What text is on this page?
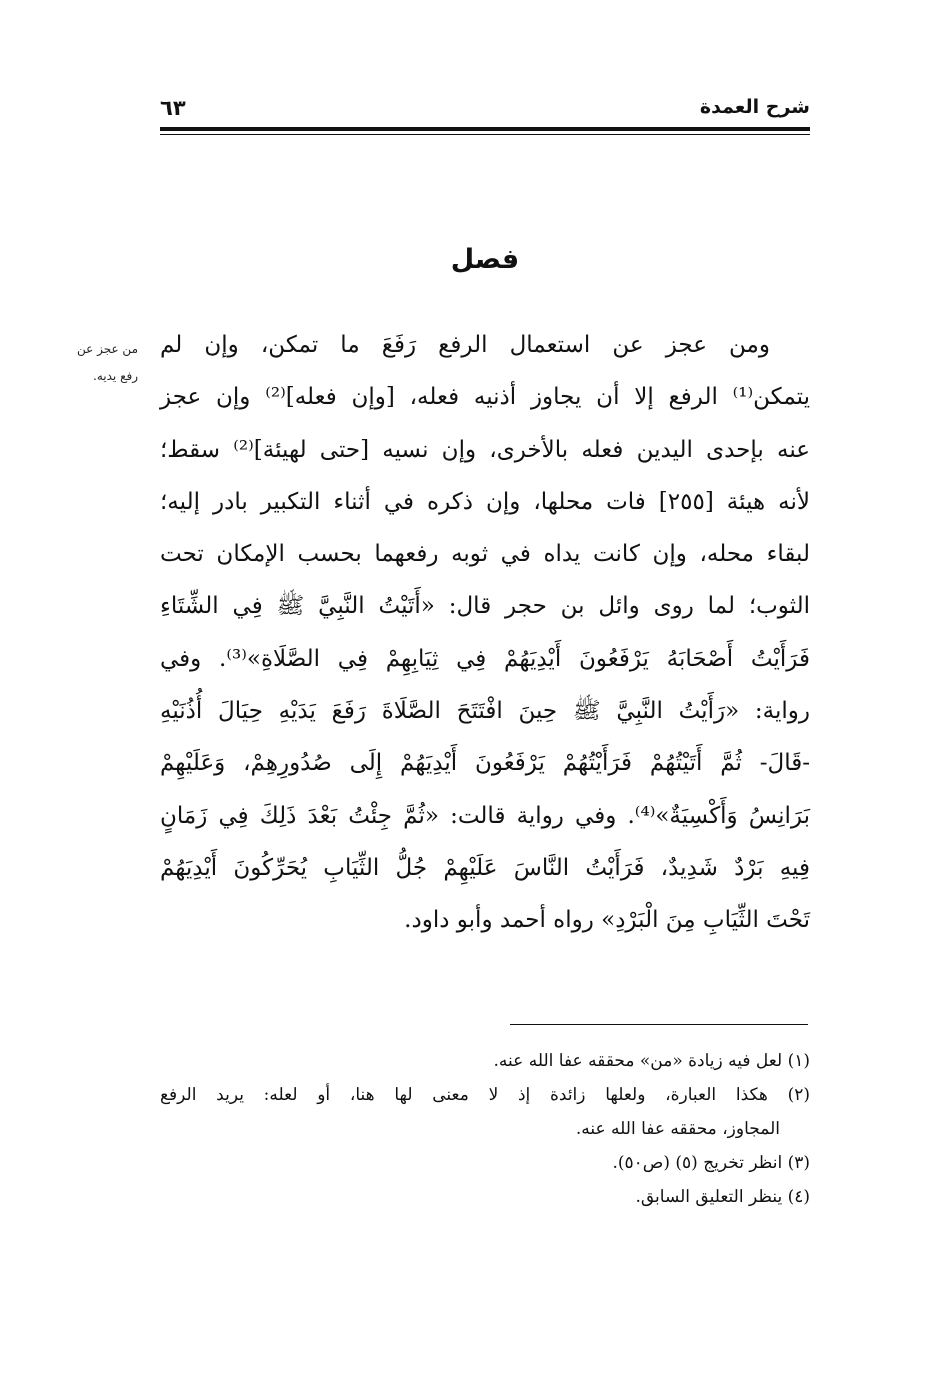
شرح العمدة
٦٣
فصل
من عجز عن
رفع يديه.
ومن عجز عن استعمال الرفع رَفَعَ ما تمكن، وإن لم
يتمكن⁽¹⁾ الرفع إلا أن يجاوز أذنيه فعله، [وإن فعله]⁽²⁾ وإن عجز
عنه بإحدى اليدين فعله بالأخرى، وإن نسيه [حتى لهيئة]⁽²⁾ سقط؛
لأنه هيئة [٢٥٥] فات محلها، وإن ذكره في أثناء التكبير بادر إليه؛
لبقاء محله، وإن كانت يداه في ثوبه رفعهما بحسب الإمكان تحت
الثوب؛ لما روى وائل بن حجر قال: «أَتَيْتُ النَّبِيَّ ﷺ فِي الشِّتَاءِ
فَرَأَيْتُ أَصْحَابَهُ يَرْفَعُونَ أَيْدِيَهُمْ فِي ثِيَابِهِمْ فِي الصَّلَاةِ»⁽³⁾. وفي
رواية: «رَأَيْتُ النَّبِيَّ ﷺ حِينَ افْتَتَحَ الصَّلَاةَ رَفَعَ يَدَيْهِ حِيَالَ أُذُنَيْهِ
-قَالَ- ثُمَّ أَتَيْتُهُمْ فَرَأَيْتُهُمْ يَرْفَعُونَ أَيْدِيَهُمْ إِلَى صُدُورِهِمْ، وَعَلَيْهِمْ
بَرَانِسُ وَأَكْسِيَةٌ»⁽⁴⁾. وفي رواية قالت: «ثُمَّ جِئْتُ بَعْدَ ذَلِكَ فِي زَمَانٍ
فِيهِ بَرْدٌ شَدِيدٌ، فَرَأَيْتُ النَّاسَ عَلَيْهِمْ جُلُّ الثِّيَابِ يُحَرِّكُونَ أَيْدِيَهُمْ
تَحْتَ الثِّيَابِ مِنَ الْبَرْدِ» رواه أحمد وأبو داود.
(١) لعل فيه زيادة «من» محققه عفا الله عنه.
(٢) هكذا العبارة، ولعلها زائدة إذ لا معنى لها هنا، أو لعله: يريد الرفع
المجاوز، محققه عفا الله عنه.
(٣) انظر تخريج (٥) (ص٥٠).
(٤) ينظر التعليق السابق.
